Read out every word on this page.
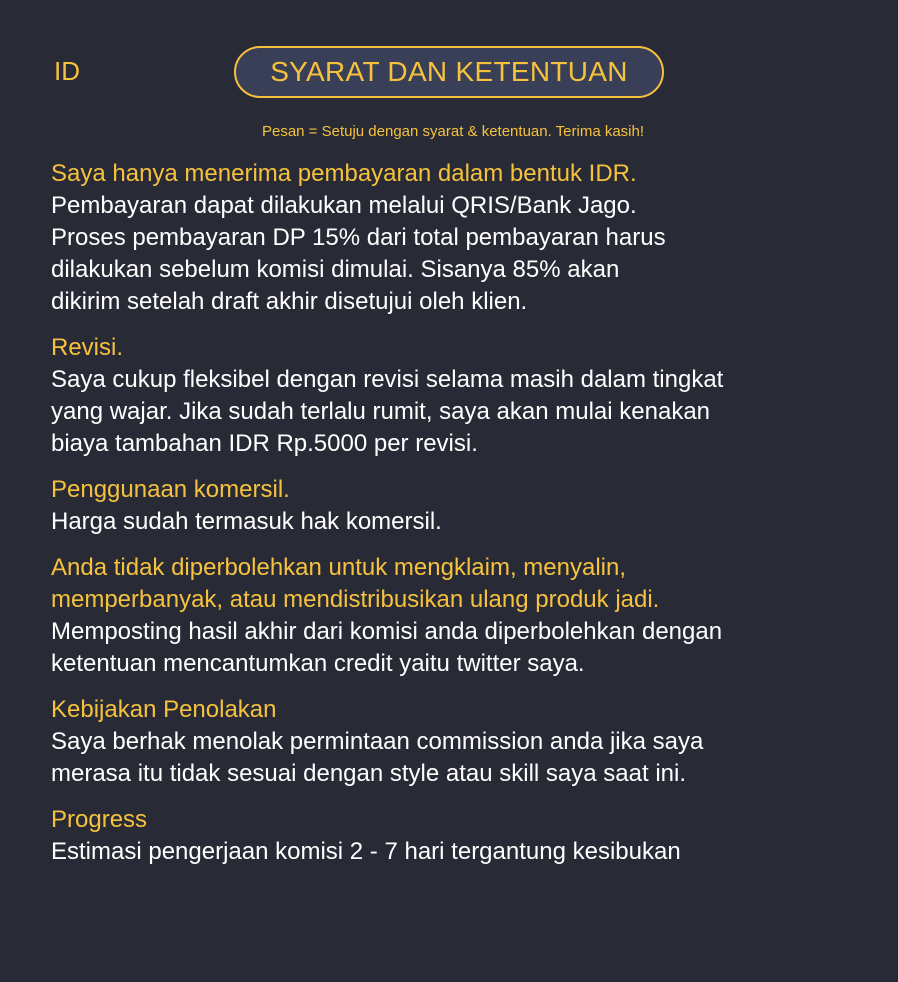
ID	SYARAT DAN KETENTUAN
Pesan = Setuju dengan syarat & ketentuan. Terima kasih!
Saya hanya menerima pembayaran dalam bentuk IDR.
Pembayaran dapat dilakukan melalui QRIS/Bank Jago.
Proses pembayaran DP 15% dari total pembayaran harus
dilakukan sebelum komisi dimulai. Sisanya 85% akan
dikirim setelah draft akhir disetujui oleh klien.
Revisi.
Saya cukup fleksibel dengan revisi selama masih dalam tingkat
yang wajar. Jika sudah terlalu rumit, saya akan mulai kenakan
biaya tambahan IDR Rp.5000 per revisi.
Penggunaan komersil.
Harga sudah termasuk hak komersil.
Anda tidak diperbolehkan untuk mengklaim, menyalin,
memperbanyak, atau mendistribusikan ulang produk jadi.
Memposting hasil akhir dari komisi anda diperbolehkan dengan
ketentuan mencantumkan credit yaitu twitter saya.
Kebijakan Penolakan
Saya berhak menolak permintaan commission anda jika saya
merasa itu tidak sesuai dengan style atau skill saya saat ini.
Progress
Estimasi pengerjaan komisi 2 - 7 hari tergantung kesibukan
